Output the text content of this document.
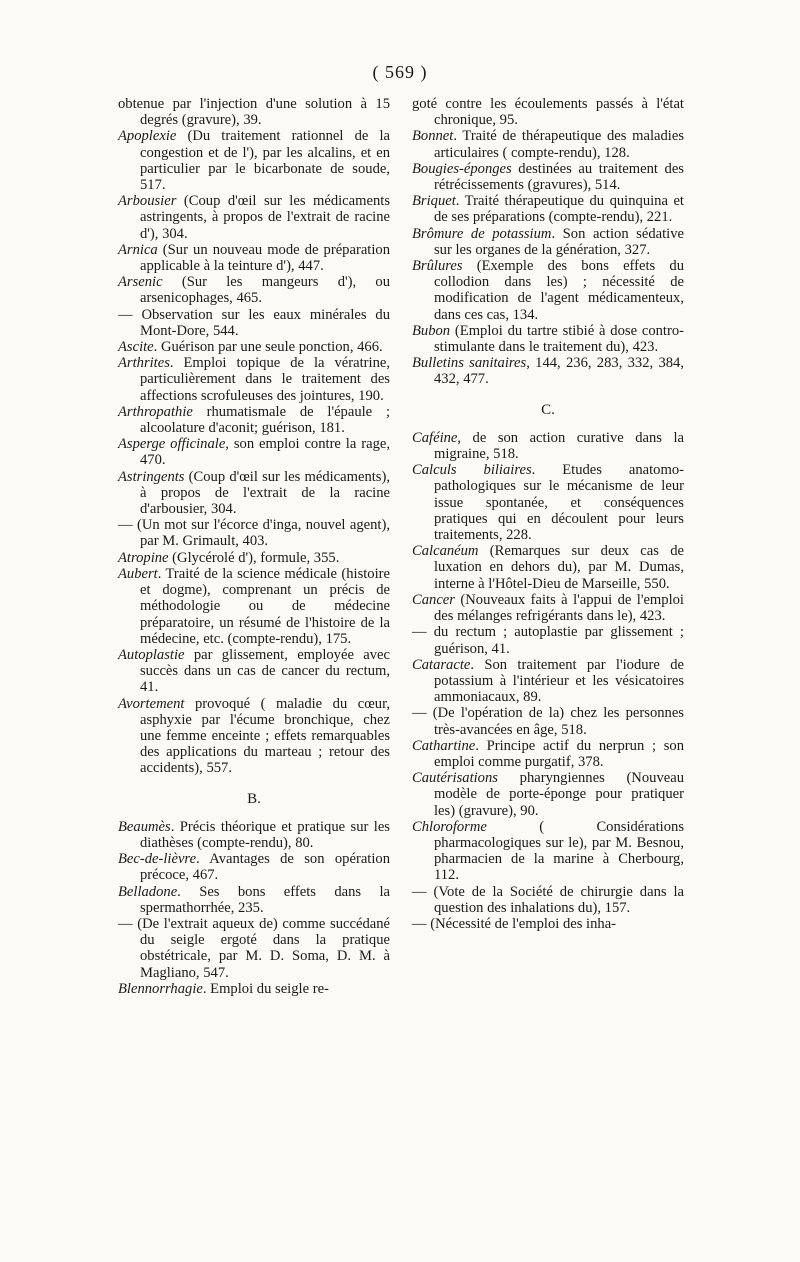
( 569 )
obtenue par l'injection d'une solution à 15 degrés (gravure), 39.
Apoplexie (Du traitement rationnel de la congestion et de l'), par les alcalins, et en particulier par le bicarbonate de soude, 517.
Arbousier (Coup d'œil sur les médicaments astringents, à propos de l'extrait de racine d'), 304.
Arnica (Sur un nouveau mode de préparation applicable à la teinture d'), 447.
Arsenic (Sur les mangeurs d'), ou arsenicophages, 465.
— Observation sur les eaux minérales du Mont-Dore, 544.
Ascite. Guérison par une seule ponction, 466.
Arthrites. Emploi topique de la vératrine, particulièrement dans le traitement des affections scrofuleuses des jointures, 190.
Arthropathie rhumatismale de l'épaule ; alcoolature d'aconit; guérison, 181.
Asperge officinale, son emploi contre la rage, 470.
Astringents (Coup d'œil sur les médicaments), à propos de l'extrait de la racine d'arbousier, 304.
— (Un mot sur l'écorce d'inga, nouvel agent), par M. Grimault, 403.
Atropine (Glycérolé d'), formule, 355.
Aubert. Traité de la science médicale (histoire et dogme), comprenant un précis de méthodologie ou de médecine préparatoire, un résumé de l'histoire de la médecine, etc. (compte-rendu), 175.
Autoplastie par glissement, employée avec succès dans un cas de cancer du rectum, 41.
Avortement provoqué ( maladie du cœur, asphyxie par l'écume bronchique, chez une femme enceinte ; effets remarquables des applications du marteau ; retour des accidents), 557.
B.
Beaumès. Précis théorique et pratique sur les diathèses (compte-rendu), 80.
Bec-de-lièvre. Avantages de son opération précoce, 467.
Belladone. Ses bons effets dans la spermathorrhée, 235.
— (De l'extrait aqueux de) comme succédané du seigle ergoté dans la pratique obstétricale, par M. D. Soma, D. M. à Magliano, 547.
Blennorrhagie. Emploi du seigle re-
goté contre les écoulements passés à l'état chronique, 95.
Bonnet. Traité de thérapeutique des maladies articulaires ( compte-rendu), 128.
Bougies-éponges destinées au traitement des rétrécissements (gravures), 514.
Briquet. Traité thérapeutique du quinquina et de ses préparations (compte-rendu), 221.
Brômure de potassium. Son action sédative sur les organes de la génération, 327.
Brûlures (Exemple des bons effets du collodion dans les) ; nécessité de modification de l'agent médicamenteux, dans ces cas, 134.
Bubon (Emploi du tartre stibié à dose contro-stimulante dans le traitement du), 423.
Bulletins sanitaires, 144, 236, 283, 332, 384, 432, 477.
C.
Caféine, de son action curative dans la migraine, 518.
Calculs biliaires. Etudes anatomo-pathologiques sur le mécanisme de leur issue spontanée, et conséquences pratiques qui en découlent pour leurs traitements, 228.
Calcanéum (Remarques sur deux cas de luxation en dehors du), par M. Dumas, interne à l'Hôtel-Dieu de Marseille, 550.
Cancer (Nouveaux faits à l'appui de l'emploi des mélanges refrigérants dans le), 423.
— du rectum ; autoplastie par glissement ; guérison, 41.
Cataracte. Son traitement par l'iodure de potassium à l'intérieur et les vésicatoires ammoniacaux, 89.
— (De l'opération de la) chez les personnes très-avancées en âge, 518.
Cathartine. Principe actif du nerprun ; son emploi comme purgatif, 378.
Cautérisations pharyngiennes (Nouveau modèle de porte-éponge pour pratiquer les) (gravure), 90.
Chloroforme ( Considérations pharmacologiques sur le), par M. Besnou, pharmacien de la marine à Cherbourg, 112.
— (Vote de la Société de chirurgie dans la question des inhalations du), 157.
— (Nécessité de l'emploi des inha-
